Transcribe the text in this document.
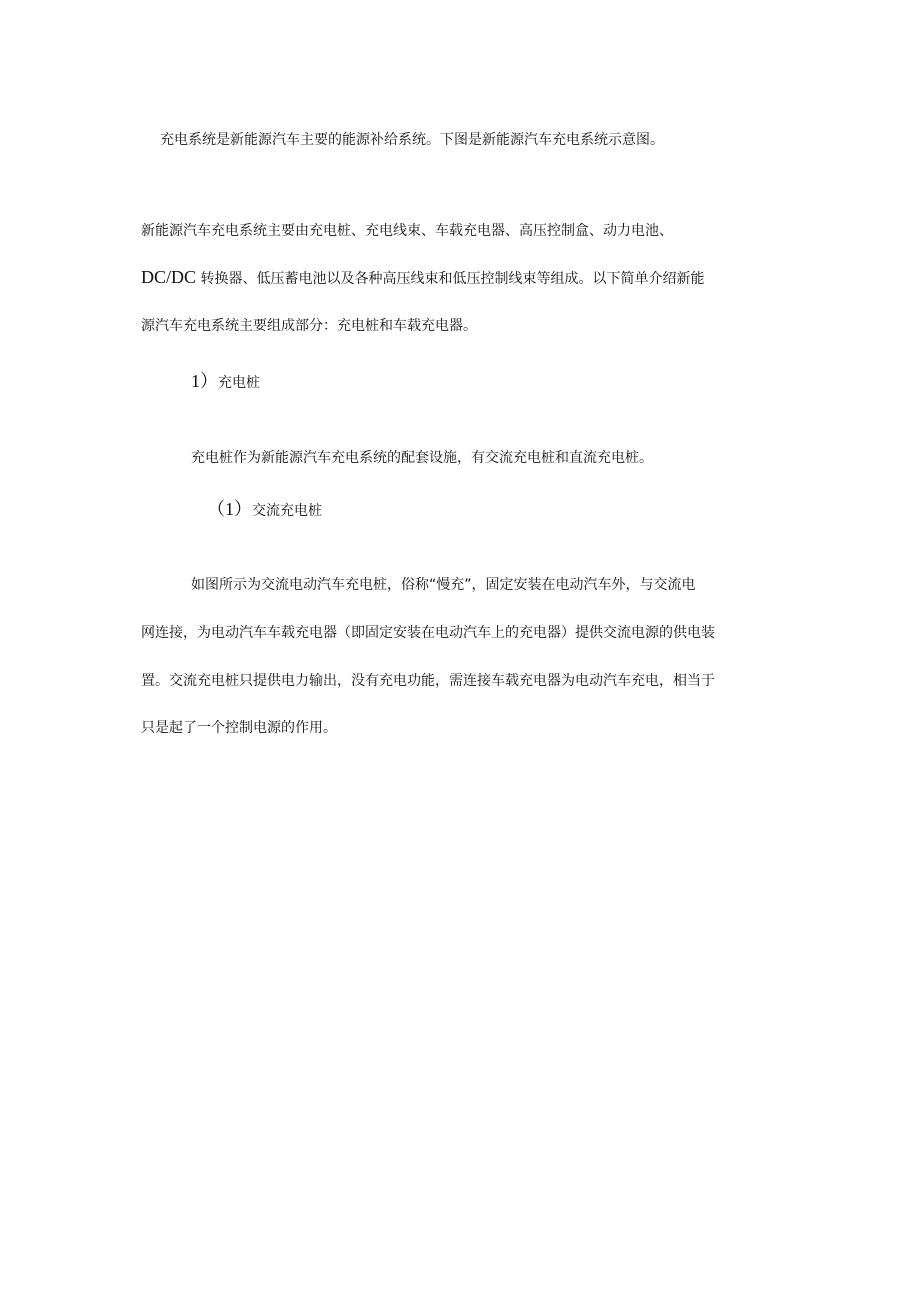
充电系统是新能源汽车主要的能源补给系统。下图是新能源汽车充电系统示意图。

新能源汽车充电系统主要由充电桩、充电线束、车载充电器、高压控制盒、动力电池、

DC/DC 转换器、低压蓄电池以及各种高压线束和低压控制线束等组成。以下简单介绍新能

源汽车充电系统主要组成部分：充电桩和车载充电器。

1）充电桩

充电桩作为新能源汽车充电系统的配套设施，有交流充电桩和直流充电桩。

（1）交流充电桩

如图所示为交流电动汽车充电桩，俗称“慢充”，固定安装在电动汽车外，与交流电

网连接，为电动汽车车载充电器（即固定安装在电动汽车上的充电器）提供交流电源的供电装

置。交流充电桩只提供电力输出，没有充电功能，需连接车载充电器为电动汽车充电，相当于

只是起了一个控制电源的作用。
